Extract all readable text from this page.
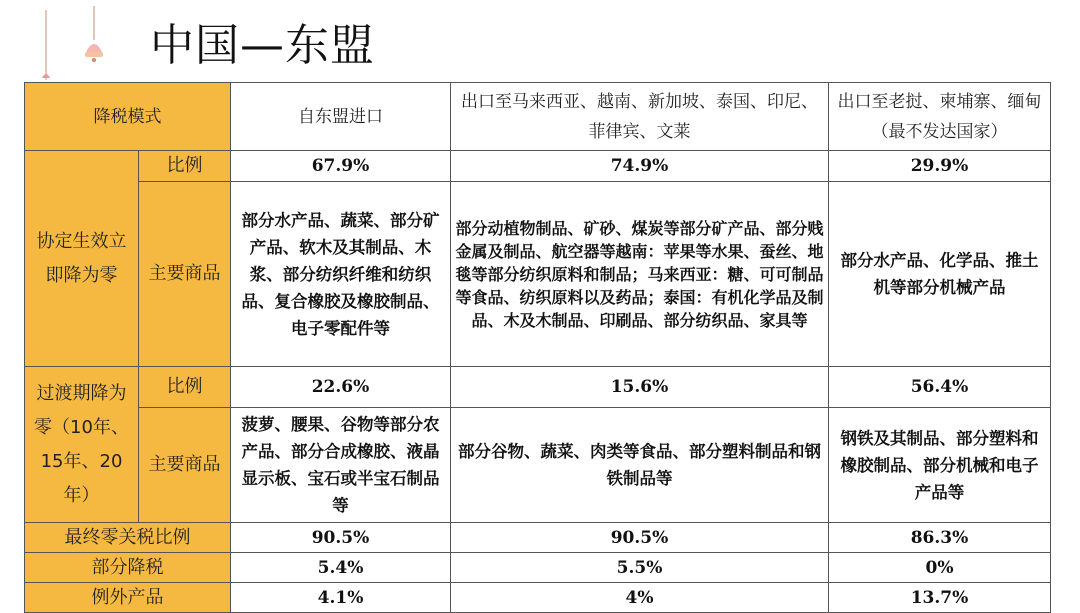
中国—东盟
降税模式		自东盟进口	出口至马来西亚、越南、新加坡、泰国、印尼、菲律宾、文莱	出口至老挝、柬埔寨、缅甸（最不发达国家）
协定生效立即降为零	比例	67.9%	74.9%	29.9%
	主要商品	部分水产品、蔬菜、部分矿产品、软木及其制品、木浆、部分纺织纤维和纺织品、复合橡胶及橡胶制品、电子零配件等	部分动植物制品、矿砂、煤炭等部分矿产品、部分贱金属及制品、航空器等越南：苹果等水果、蚕丝、地毯等部分纺织原料和制品；马来西亚：糖、可可制品等食品、纺织原料以及药品；泰国：有机化学品及制品、木及木制品、印刷品、部分纺织品、家具等	部分水产品、化学品、推土机等部分机械产品
过渡期降为零（10年、15年、20年）	比例	22.6%	15.6%	56.4%
	主要商品	菠萝、腰果、谷物等部分农产品、部分合成橡胶、液晶显示板、宝石或半宝石制品等	部分谷物、蔬菜、肉类等食品、部分塑料制品和钢铁制品等	钢铁及其制品、部分塑料和橡胶制品、部分机械和电子产品等
最终零关税比例		90.5%	90.5%	86.3%
部分降税		5.4%	5.5%	0%
例外产品		4.1%	4%	13.7%
